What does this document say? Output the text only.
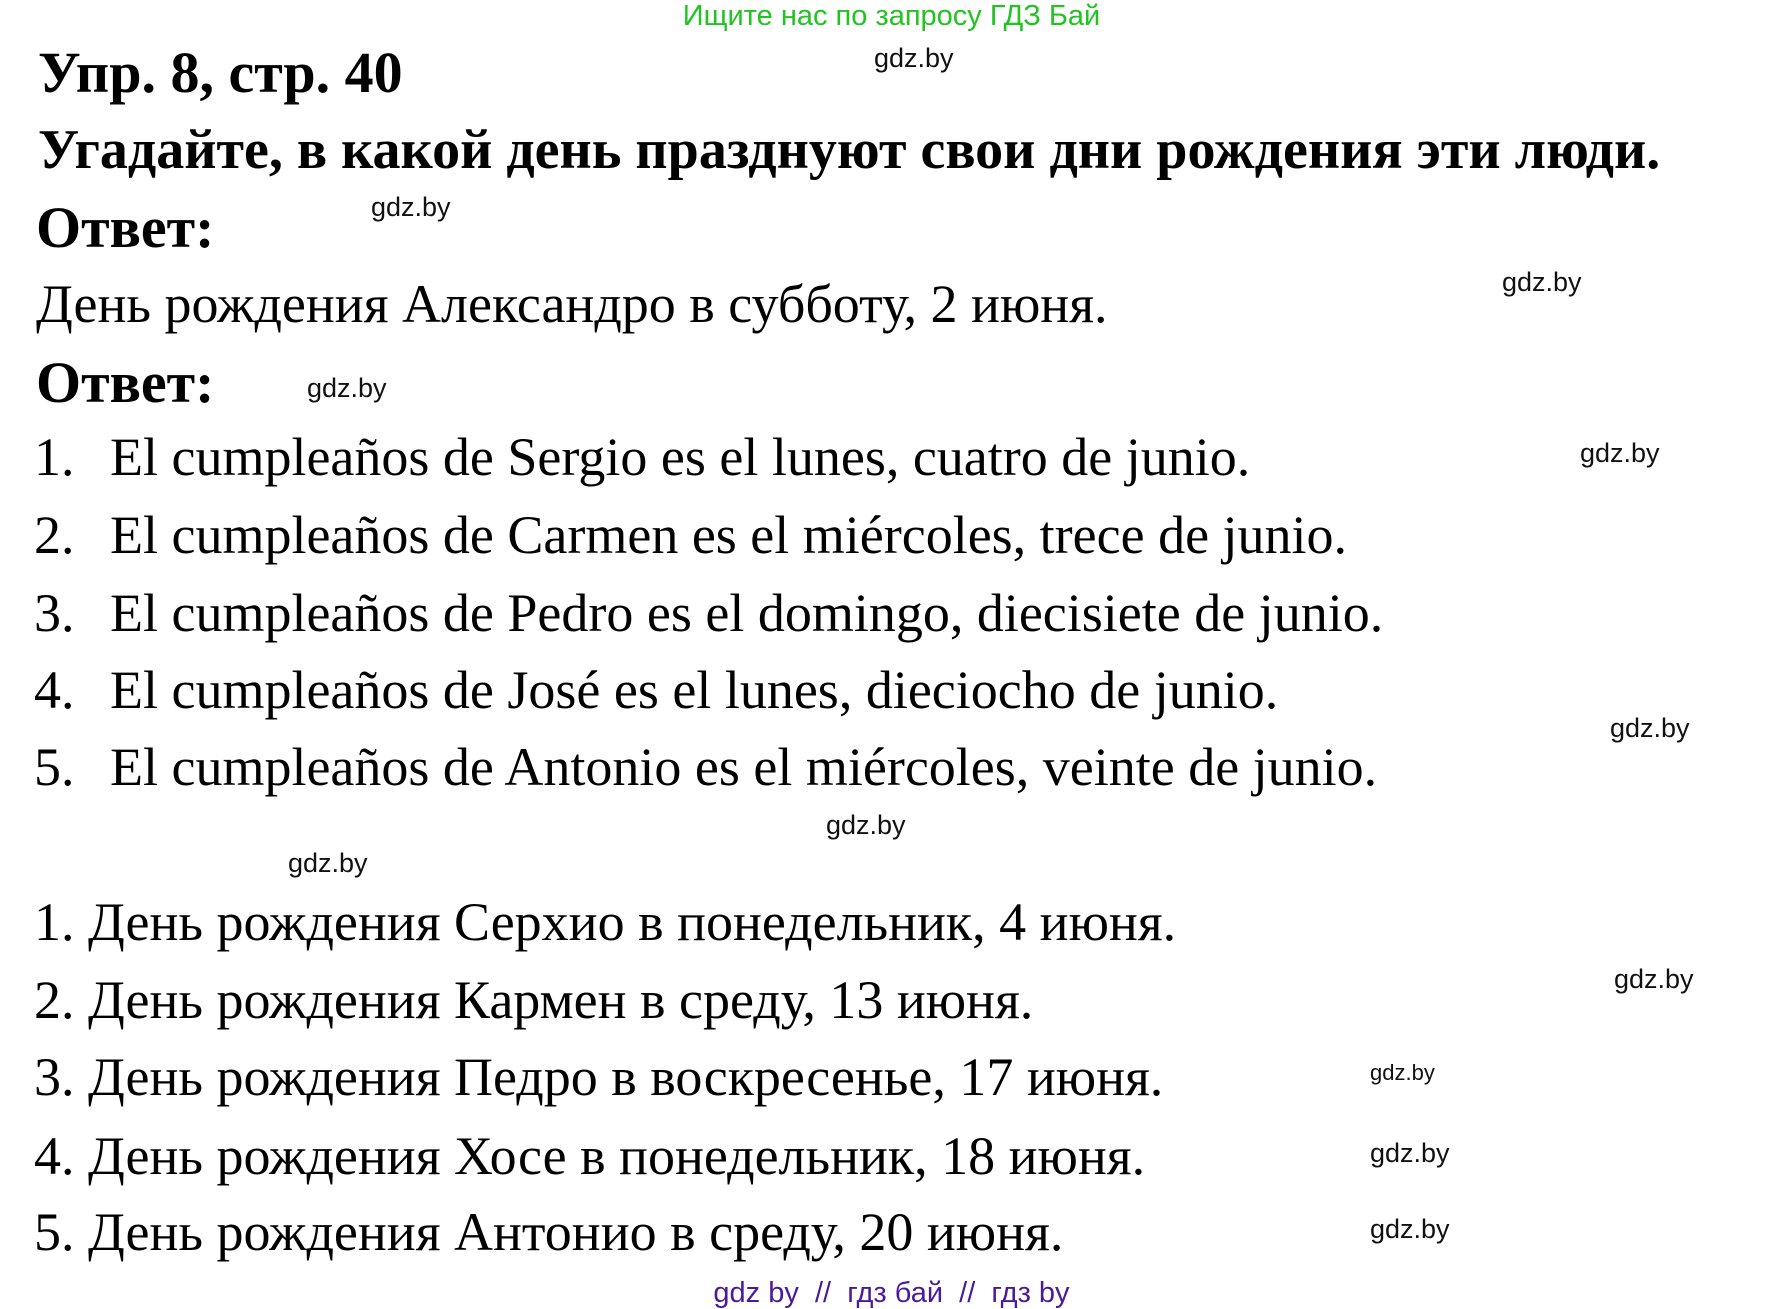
Ищите нас по запросу ГДЗ Бай
Упр. 8, стр. 40
Угадайте, в какой день празднуют свои дни рождения эти люди.
Ответ:
День рождения Александро в субботу, 2 июня.
Ответ:
1. El cumpleaños de Sergio es el lunes, cuatro de junio.
2. El cumpleaños de Carmen es el miércoles, trece de junio.
3. El cumpleaños de Pedro es el domingo, diecisiete de junio.
4. El cumpleaños de José es el lunes, dieciocho de junio.
5. El cumpleaños de Antonio es el miércoles, veinte de junio.
1. День рождения Серхио в понедельник, 4 июня.
2. День рождения Кармен в среду, 13 июня.
3. День рождения Педро в воскресенье, 17 июня.
4. День рождения Хосе в понедельник, 18 июня.
5. День рождения Антонио в среду, 20 июня.
gdz.by
gdz.by
gdz.by
gdz.by
gdz.by
gdz.by
gdz.by
gdz.by
gdz.by
gdz.by
gdz.by
gdz.by
gdz by  //  гдз бай  //  гдз by
